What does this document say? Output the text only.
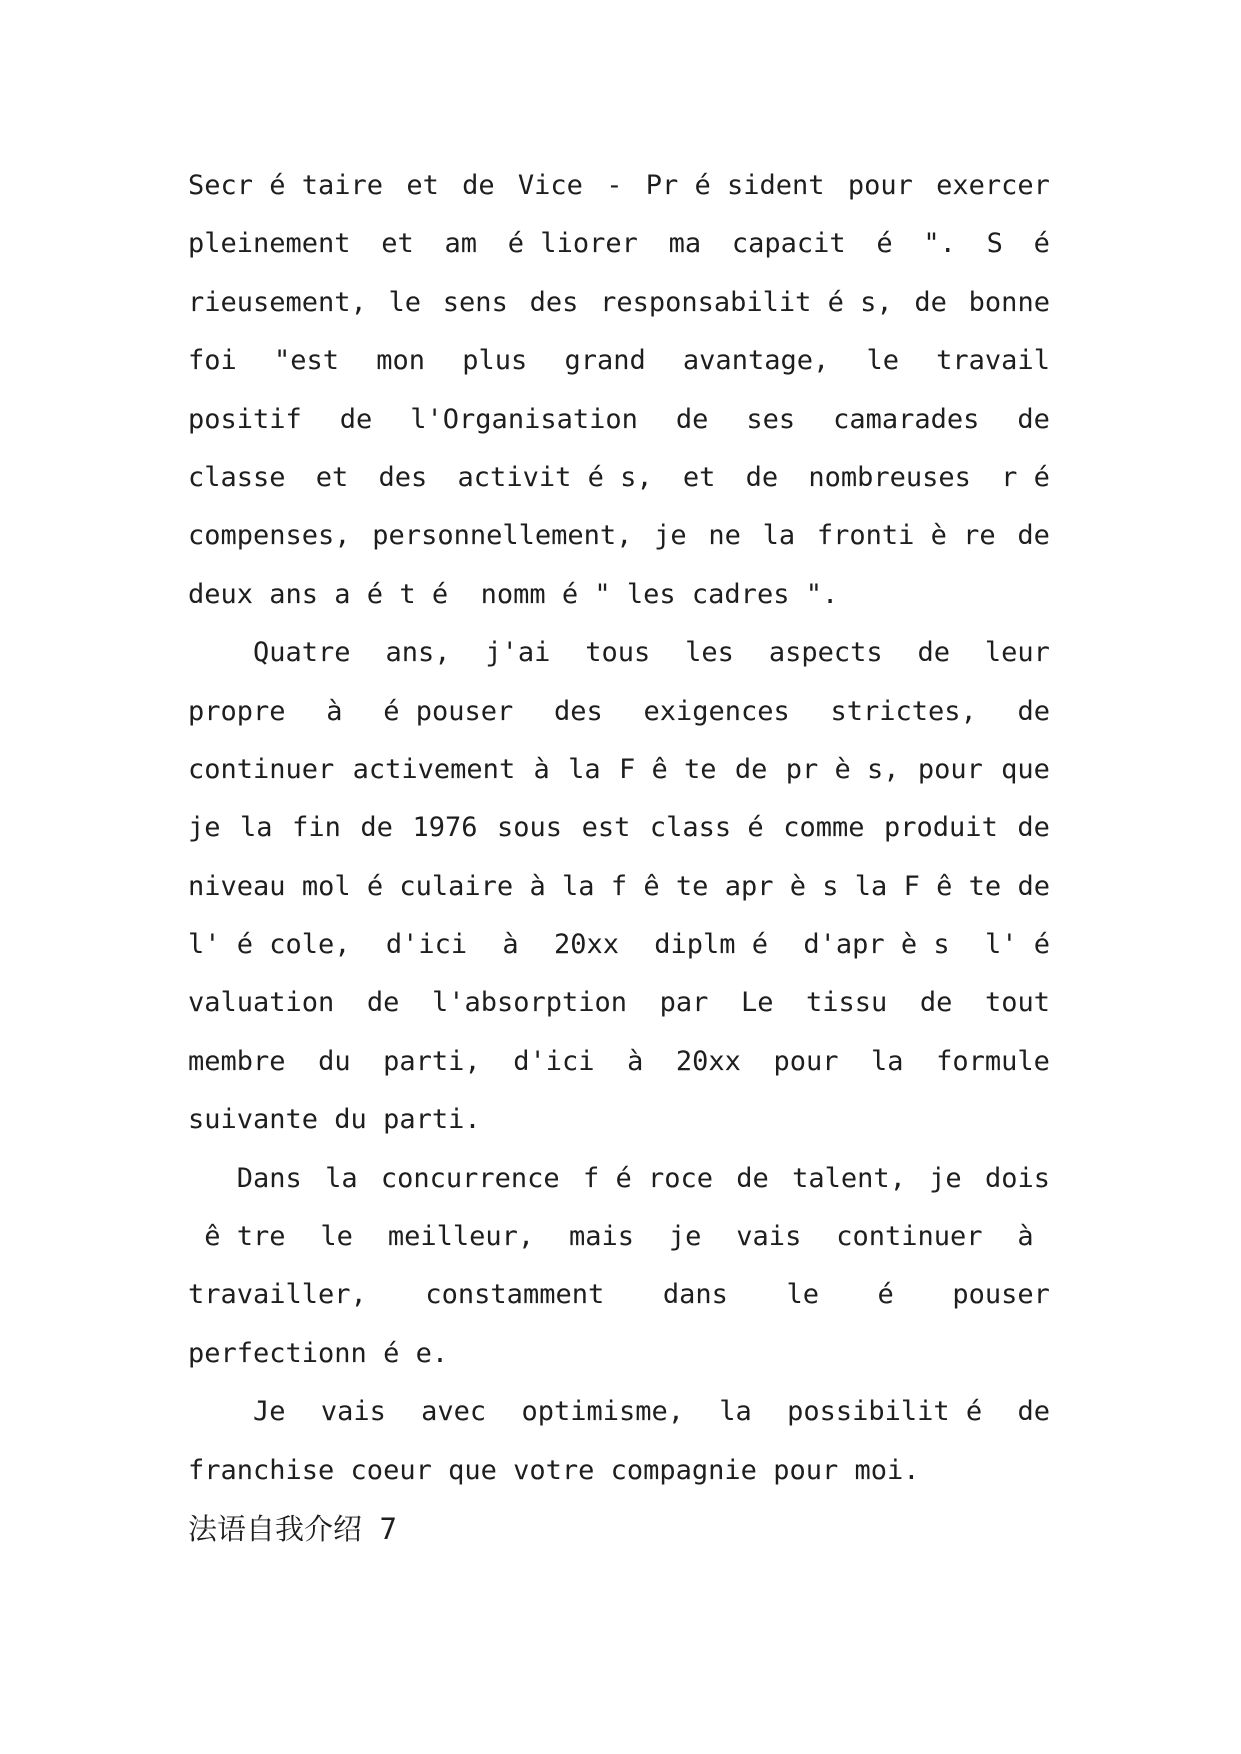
Secr é taire et de Vice - Pr é sident pour exercer
pleinement et am é liorer ma capacit é ". S é
rieusement, le sens des responsabilit é s, de bonne
foi "est mon plus grand avantage, le travail
positif de l'Organisation de ses camarades de
classe et des activit é s, et de nombreuses r é
compenses, personnellement, je ne la fronti è re de
deux ans a é t é  nomm é " les cadres ".
Quatre ans, j'ai tous les aspects de leur
propre à é pouser des exigences strictes, de
continuer activement à la F ê te de pr è s, pour que
je la fin de 1976 sous est class é comme produit de
niveau mol é culaire à la f ê te apr è s la F ê te de
l' é cole, d'ici à 20xx diplm é d'apr è s l' é
valuation de l'absorption par Le tissu de tout
membre du parti, d'ici à 20xx pour la formule
suivante du parti.
Dans la concurrence f é roce de talent, je dois
ê tre le meilleur, mais je vais continuer à
travailler, constamment dans le é pouser
perfectionn é e.
Je vais avec optimisme, la possibilit é de
franchise coeur que votre compagnie pour moi.
法语自我介绍 7
